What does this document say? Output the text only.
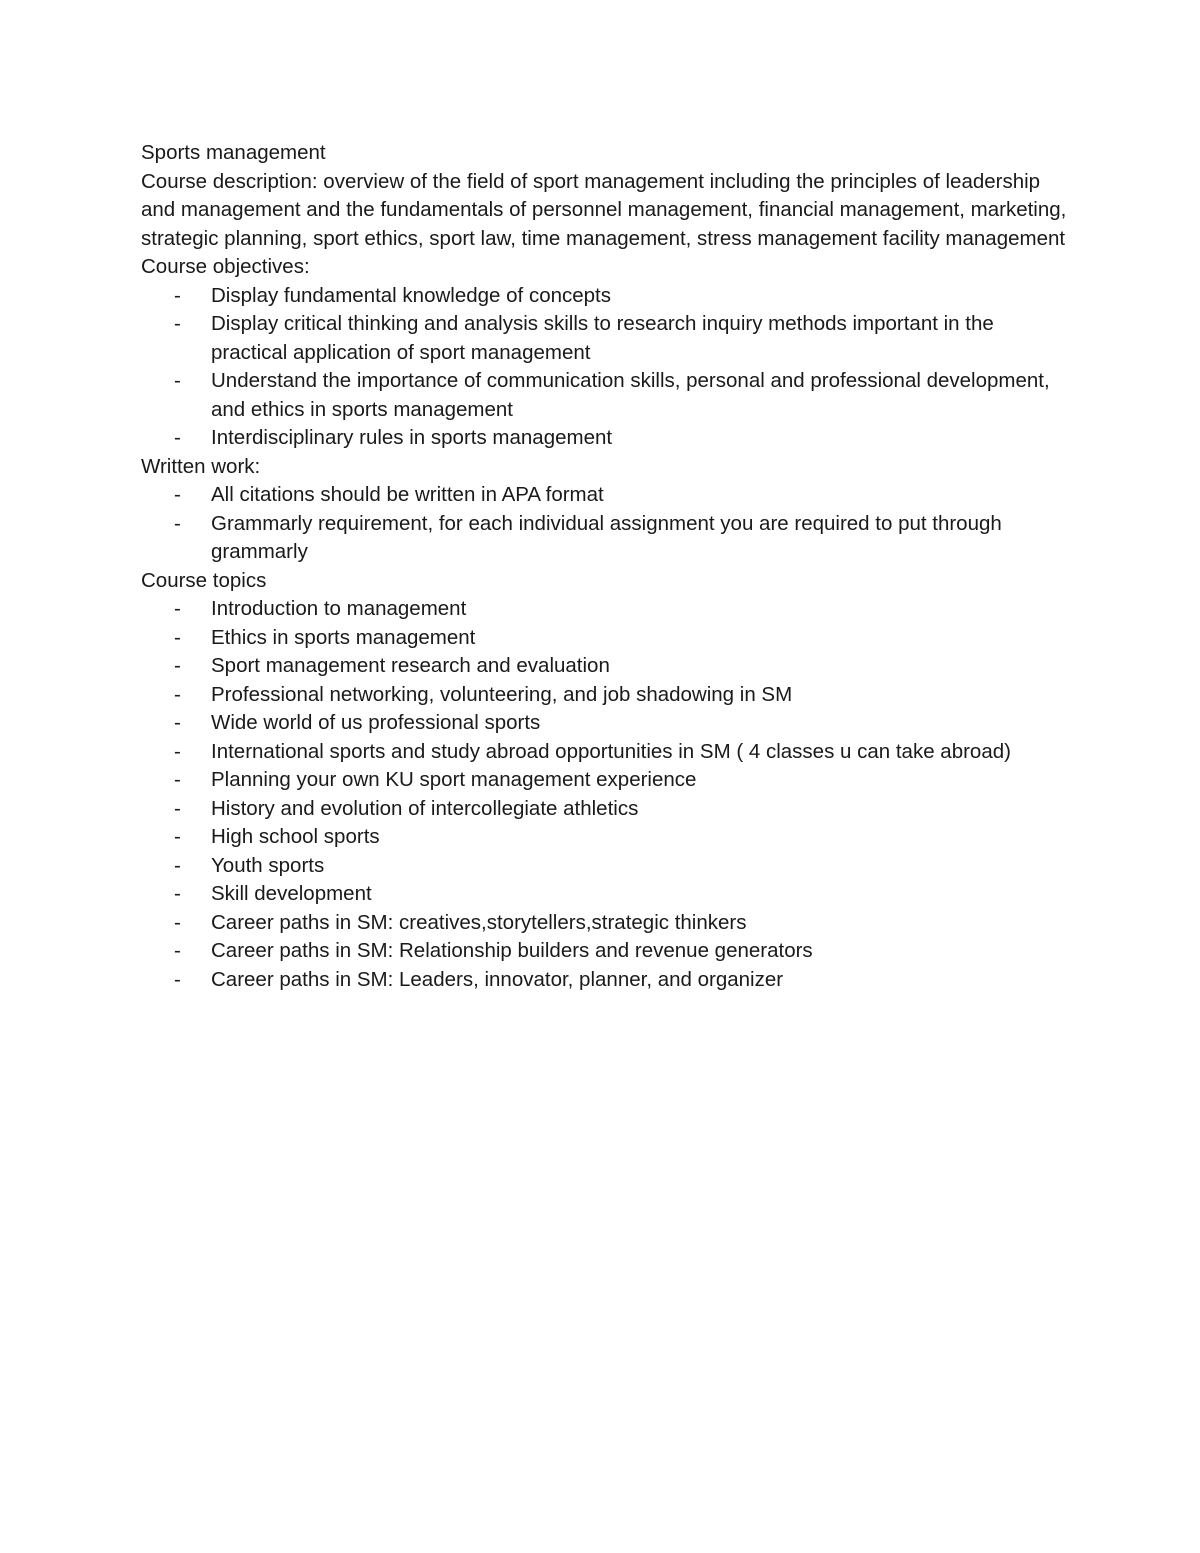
Sports management

Course description: overview of the field of sport management including the principles of leadership and management and the fundamentals of personnel management, financial management, marketing, strategic planning, sport ethics, sport law, time management, stress management facility management

Course objectives:

- Display fundamental knowledge of concepts
- Display critical thinking and analysis skills to research inquiry methods important in the practical application of sport management
- Understand the importance of communication skills, personal and professional development, and ethics in sports management
- Interdisciplinary rules in sports management

Written work:

- All citations should be written in APA format
- Grammarly requirement, for each individual assignment you are required to put through grammarly

Course topics

- Introduction to management
- Ethics in sports management
- Sport management research and evaluation
- Professional networking, volunteering, and job shadowing in SM
- Wide world of us professional sports
- International sports and study abroad opportunities in SM ( 4 classes u can take abroad)
- Planning your own KU sport management experience
- History and evolution of intercollegiate athletics
- High school sports
- Youth sports
- Skill development
- Career paths in SM: creatives,storytellers,strategic thinkers
- Career paths in SM: Relationship builders and revenue generators
- Career paths in SM: Leaders, innovator, planner, and organizer
